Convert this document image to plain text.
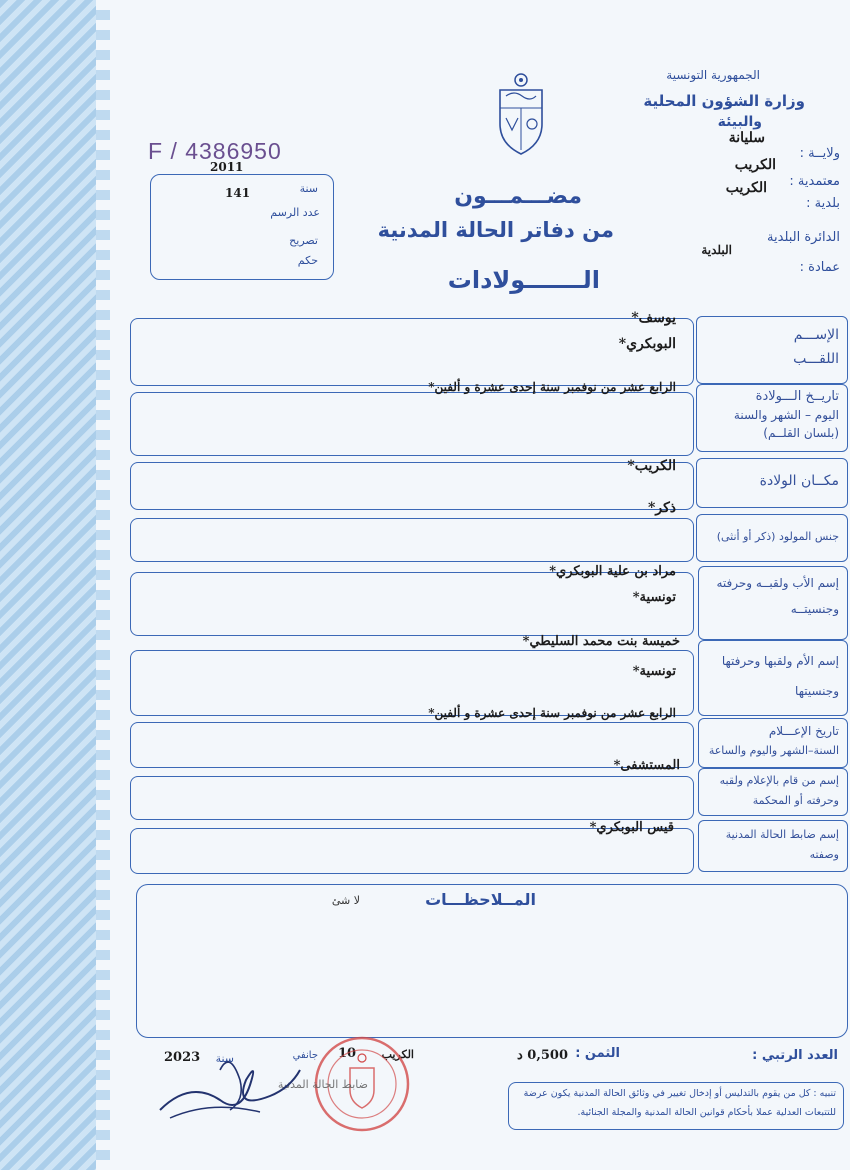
الجمهورية التونسية
وزارة الشؤون المحلية
والبيئة
سليانة
ولايــة :
الكريب
معتمدية :
الكريب
بلدية :
الدائرة البلدية
البلدية
عمادة :
F / 4386950
2011
سنة
141
عدد الرسم
تصريح
حكم
مضـــمـــون
من دفاتر الحالة المدنية
الـــــــولادات
الإســـم
اللقـــب
يوسف*
البوبكري*
تاريــخ الـــولادة
اليوم – الشهر والسنة
(بلسان القلــم)
الرابع عشر من نوفمبر سنة إحدى عشرة و ألفين*
مكــان الولادة
الكريب*
جنس المولود (ذكر أو أنثى)
ذكر*
إسم الأب ولقبــه وحرفته
وجنسيتــه
مراد بن علية البوبكري*
تونسية*
إسم الأم ولقبها وحرفتها
وجنسيتها
خميسة بنت محمد السليطي*
تونسية*
تاريخ الإعـــلام
السنة–الشهر واليوم والساعة
الرابع عشر من نوفمبر سنة إحدى عشرة و ألفين*
إسم من قام بالإعلام ولقبه
وحرفته أو المحكمة
المستشفى*
إسم ضابط الحالة المدنية
وصفته
قيس البوبكري*
المــلاحظـــات
لا شئ
العدد الرتبي :
الثمن :
0,500 د
الكريب
10
جانفي
سنة
2023
ضابط الحالة المدنية
تنبيه : كل من يقوم بالتدليس أو إدخال تغيير في وثائق الحالة المدنية يكون عرضة
للتتبعات العدلية عملا بأحكام قوانين الحالة المدنية والمجلة الجنائية.
